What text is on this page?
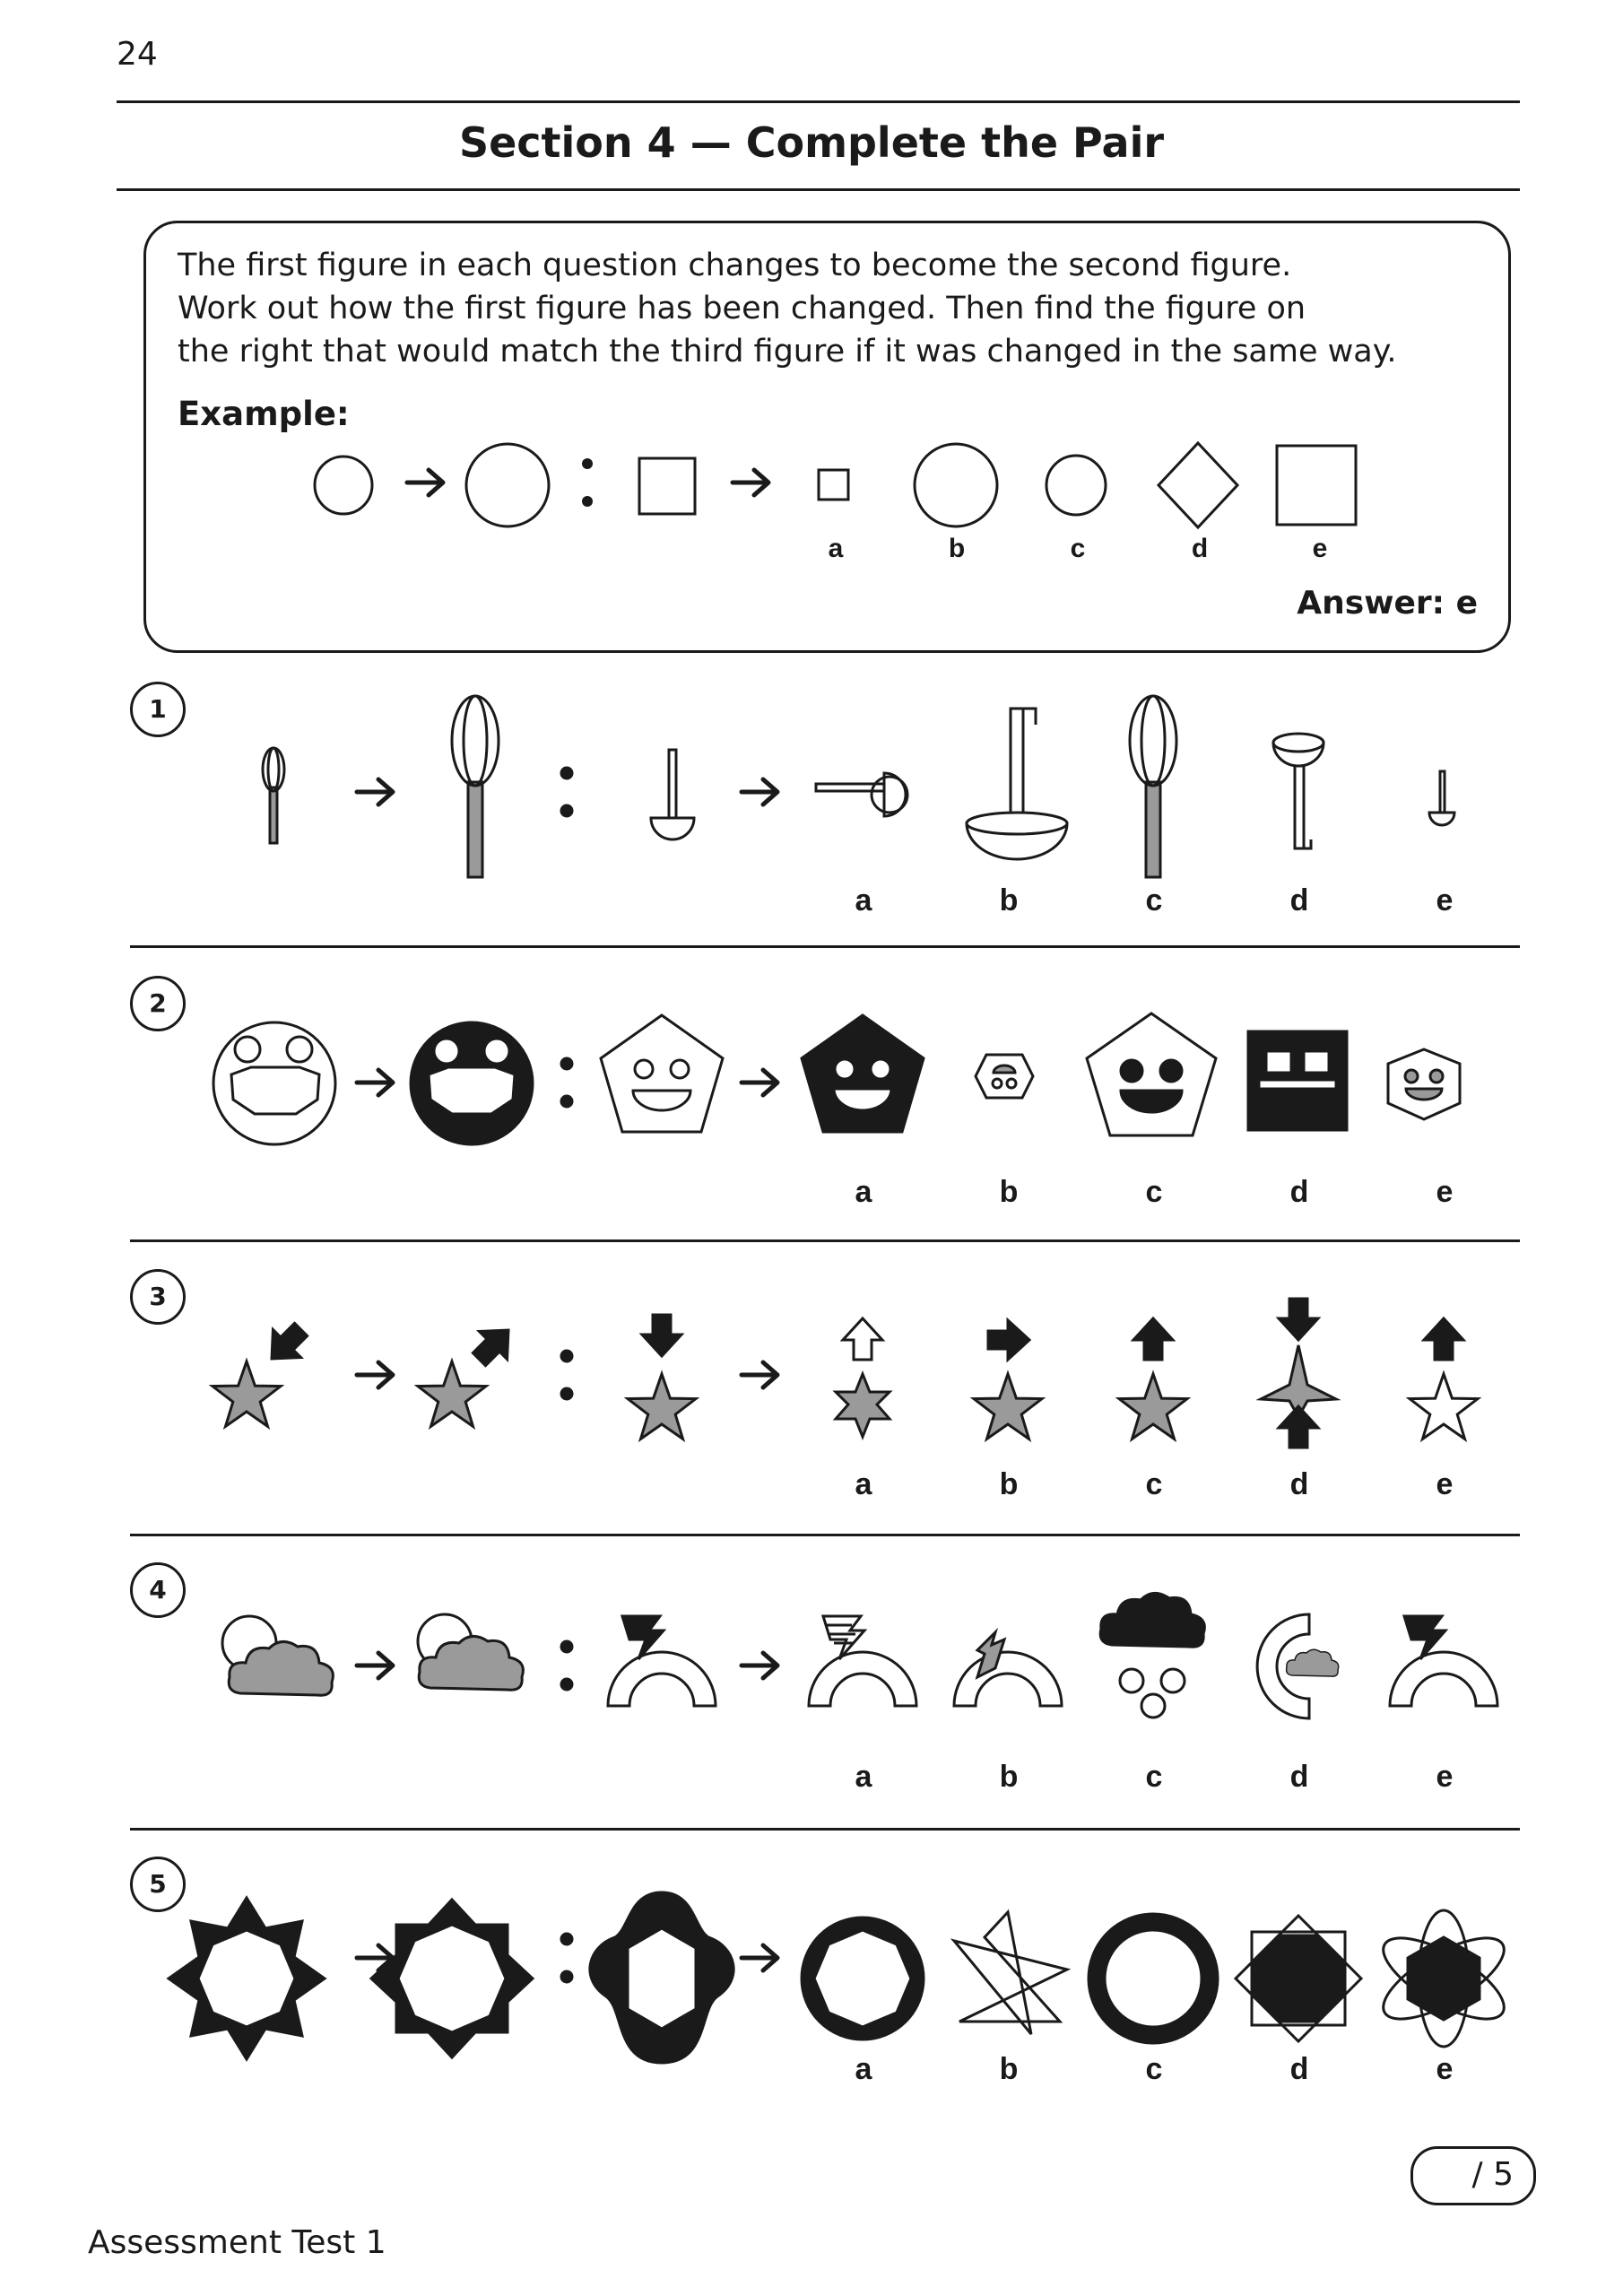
24
Section 4 — Complete the Pair
The first figure in each question changes to become the second figure.
Work out how the first figure has been changed. Then find the figure on
the right that would match the third figure if it was changed in the same way.
Example:
Answer: e
1
2
3
4
5
a	b	c	d	e
a	b	c	d	e
a	b	c	d	e
a	b	c	d	e
a	b	c	d	e
a	b	c	d	e
/ 5
Assessment Test 1
